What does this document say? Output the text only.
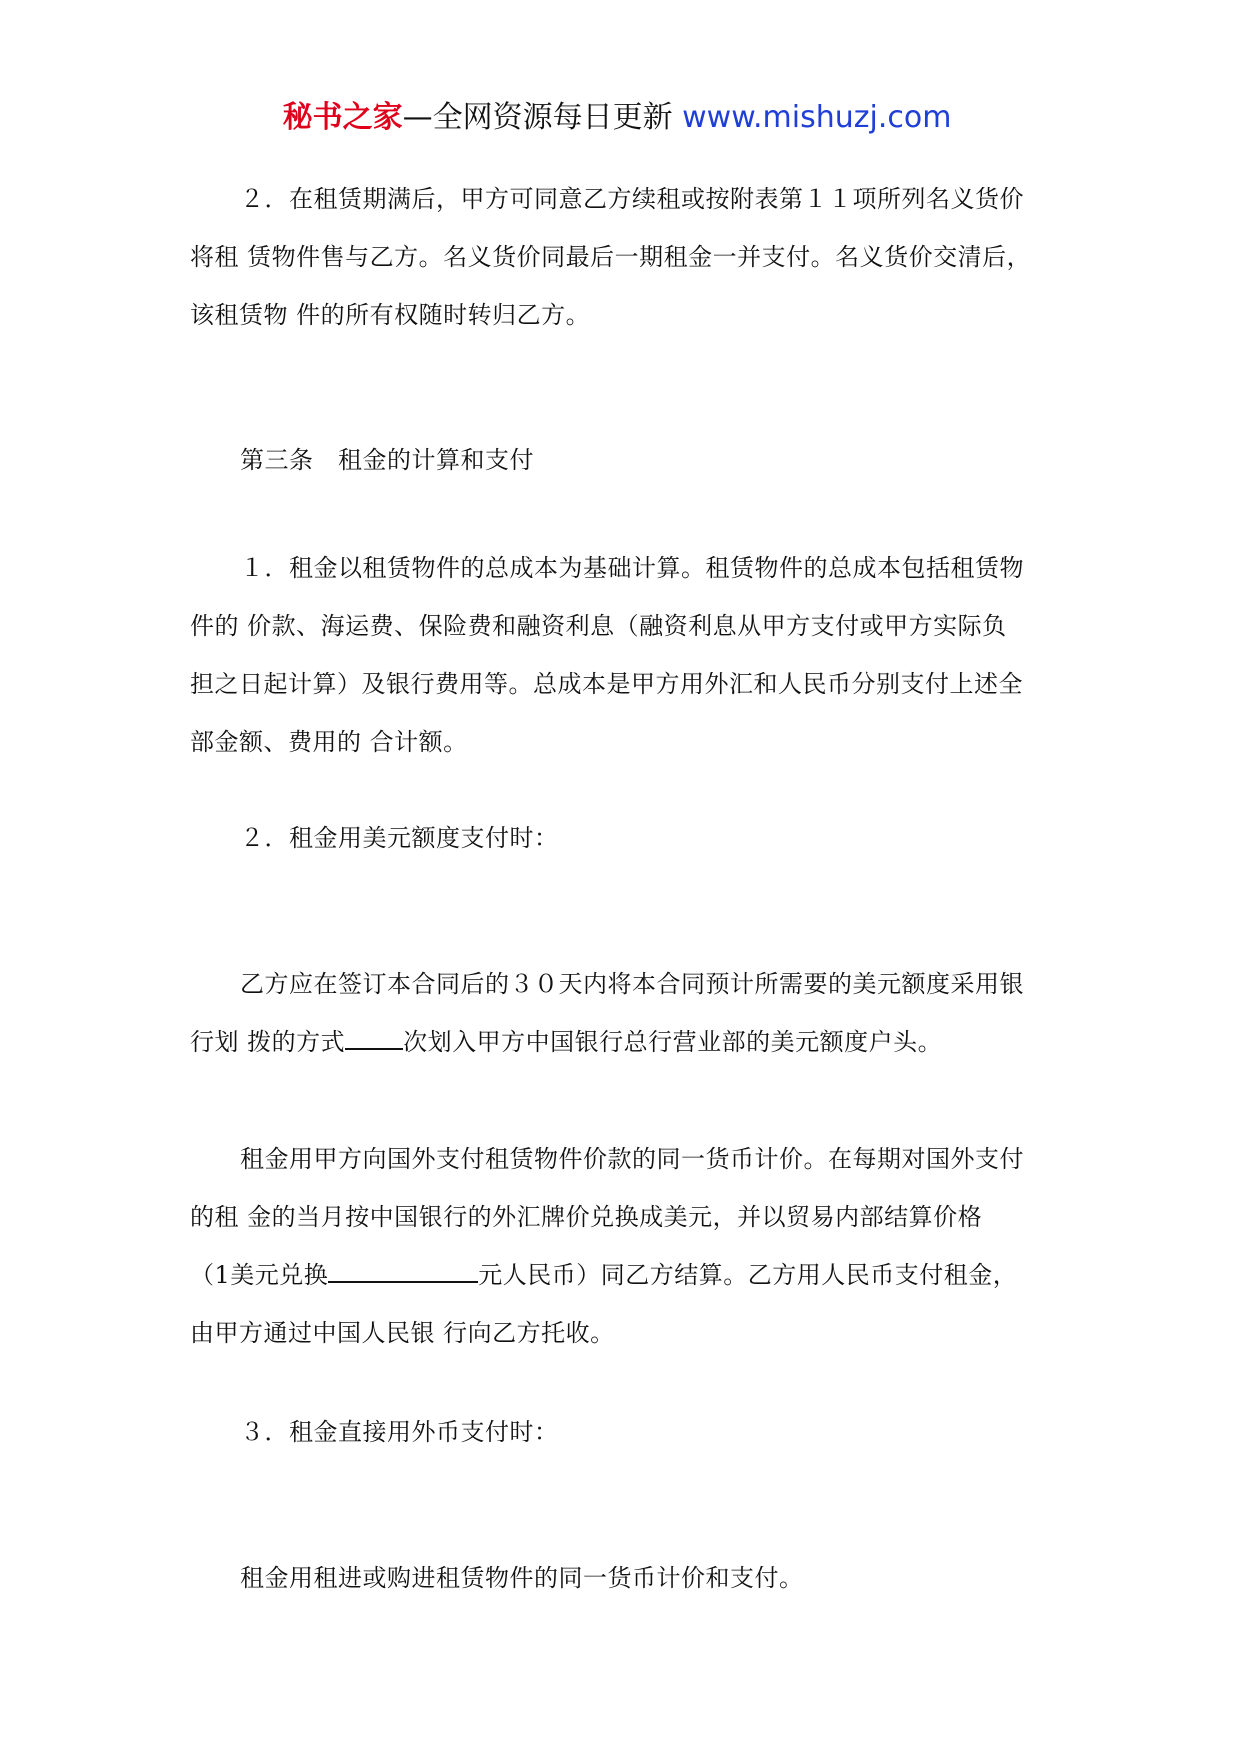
秘书之家—全网资源每日更新 www.mishuzj.com

２．在租赁期满后，甲方可同意乙方续租或按附表第１１项所列名义货价

将租 赁物件售与乙方。名义货价同最后一期租金一并支付。名义货价交清后，

该租赁物 件的所有权随时转归乙方。

第三条　租金的计算和支付

１．租金以租赁物件的总成本为基础计算。租赁物件的总成本包括租赁物

件的 价款、海运费、保险费和融资利息（融资利息从甲方支付或甲方实际负

担之日起计算）及银行费用等。总成本是甲方用外汇和人民币分别支付上述全

部金额、费用的 合计额。

２．租金用美元额度支付时：

乙方应在签订本合同后的３０天内将本合同预计所需要的美元额度采用银

行划 拨的方式 次划入甲方中国银行总行营业部的美元额度户头。

租金用甲方向国外支付租赁物件价款的同一货币计价。在每期对国外支付

的租 金的当月按中国银行的外汇牌价兑换成美元，并以贸易内部结算价格

（1美元兑换	元人民币）同乙方结算。乙方用人民币支付租金，

由甲方通过中国人民银 行向乙方托收。

３．租金直接用外币支付时：

租金用租进或购进租赁物件的同一货币计价和支付。
